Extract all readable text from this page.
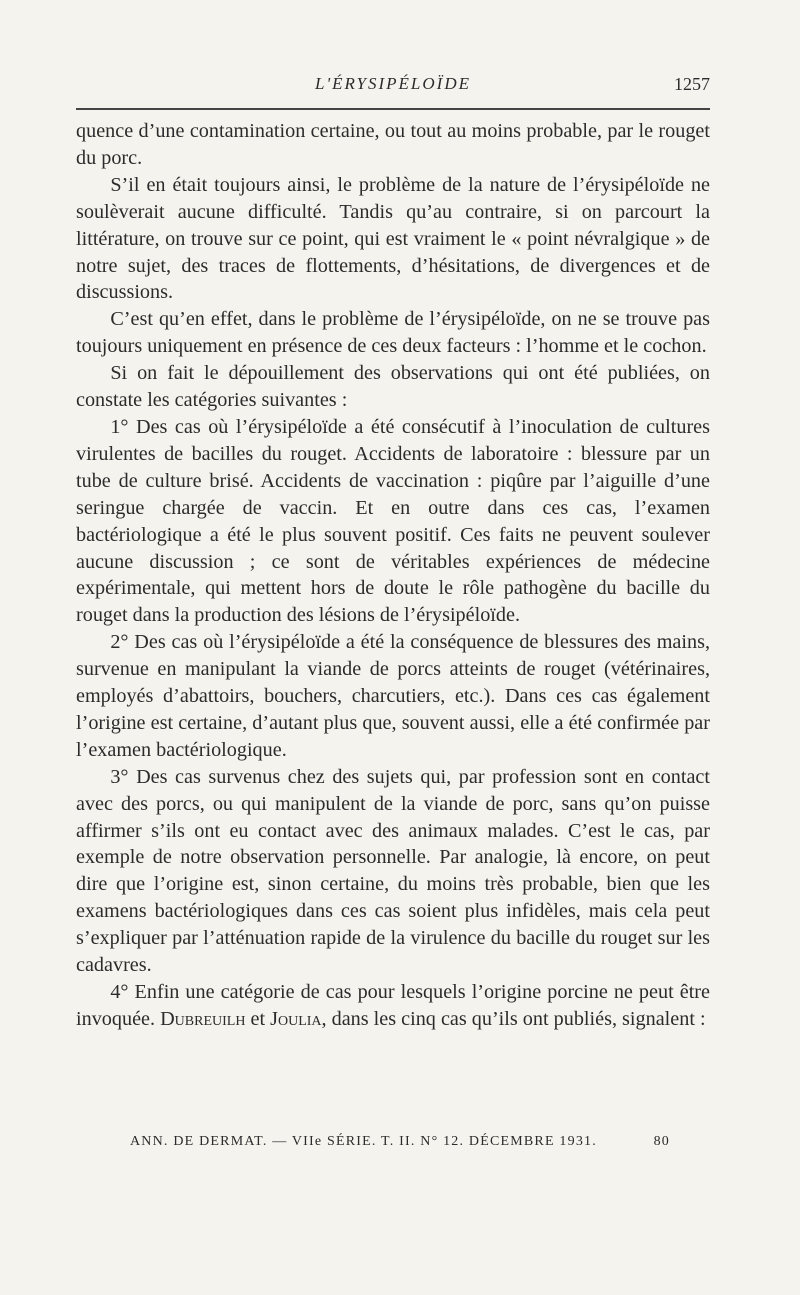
L'ÉRYSIPÉLOÏDE	1257

quence d’une contamination certaine, ou tout au moins probable, par le rouget du porc.

S’il en était toujours ainsi, le problème de la nature de l’érysipéloïde ne soulèverait aucune difficulté. Tandis qu’au contraire, si on parcourt la littérature, on trouve sur ce point, qui est vraiment le « point névralgique » de notre sujet, des traces de flottements, d’hésitations, de divergences et de discussions.

C’est qu’en effet, dans le problème de l’érysipéloïde, on ne se trouve pas toujours uniquement en présence de ces deux facteurs : l’homme et le cochon.

Si on fait le dépouillement des observations qui ont été publiées, on constate les catégories suivantes :

1° Des cas où l’érysipéloïde a été consécutif à l’inoculation de cultures virulentes de bacilles du rouget. Accidents de laboratoire : blessure par un tube de culture brisé. Accidents de vaccination : piqûre par l’aiguille d’une seringue chargée de vaccin. Et en outre dans ces cas, l’examen bactériologique a été le plus souvent positif. Ces faits ne peuvent soulever aucune discussion ; ce sont de véritables expériences de médecine expérimentale, qui mettent hors de doute le rôle pathogène du bacille du rouget dans la production des lésions de l’érysipéloïde.

2° Des cas où l’érysipéloïde a été la conséquence de blessures des mains, survenue en manipulant la viande de porcs atteints de rouget (vétérinaires, employés d’abattoirs, bouchers, charcutiers, etc.). Dans ces cas également l’origine est certaine, d’autant plus que, souvent aussi, elle a été confirmée par l’examen bactériologique.

3° Des cas survenus chez des sujets qui, par profession sont en contact avec des porcs, ou qui manipulent de la viande de porc, sans qu’on puisse affirmer s’ils ont eu contact avec des animaux malades. C’est le cas, par exemple de notre observation personnelle. Par analogie, là encore, on peut dire que l’origine est, sinon certaine, du moins très probable, bien que les examens bactériologiques dans ces cas soient plus infidèles, mais cela peut s’expliquer par l’atténuation rapide de la virulence du bacille du rouget sur les cadavres.

4° Enfin une catégorie de cas pour lesquels l’origine porcine ne peut être invoquée. Dubreuilh et Joulia, dans les cinq cas qu’ils ont publiés, signalent :

ANN. DE DERMAT. — VIIe SÉRIE. T. II. N° 12. DÉCEMBRE 1931.	80
